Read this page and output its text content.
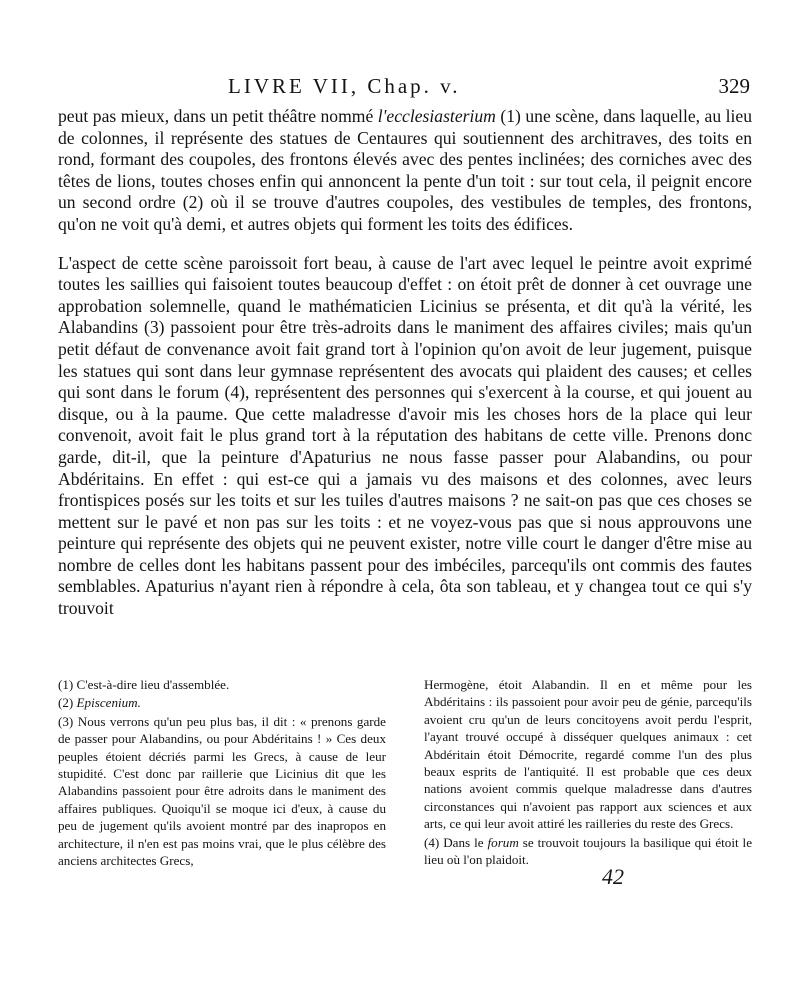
LIVRE VII, Chap. v.	329

peut pas mieux, dans un petit théâtre nommé l'ecclesiasterium (1) une scène, dans laquelle, au lieu de colonnes, il représente des statues de Centaures qui soutiennent des architraves, des toits en rond, formant des coupoles, des frontons élevés avec des pentes inclinées; des corniches avec des têtes de lions, toutes choses enfin qui annoncent la pente d'un toit : sur tout cela, il peignit encore un second ordre (2) où il se trouve d'autres coupoles, des vestibules de temples, des frontons, qu'on ne voit qu'à demi, et autres objets qui forment les toits des édifices.

L'aspect de cette scène paroissoit fort beau, à cause de l'art avec lequel le peintre avoit exprimé toutes les saillies qui faisoient toutes beaucoup d'effet : on étoit prêt de donner à cet ouvrage une approbation solemnelle, quand le mathématicien Licinius se présenta, et dit qu'à la vérité, les Alabandins (3) passoient pour être très-adroits dans le maniment des affaires civiles; mais qu'un petit défaut de convenance avoit fait grand tort à l'opinion qu'on avoit de leur jugement, puisque les statues qui sont dans leur gymnase représentent des avocats qui plaident des causes; et celles qui sont dans le forum (4), représentent des personnes qui s'exercent à la course, et qui jouent au disque, ou à la paume. Que cette maladresse d'avoir mis les choses hors de la place qui leur convenoit, avoit fait le plus grand tort à la réputation des habitans de cette ville. Prenons donc garde, dit-il, que la peinture d'Apaturius ne nous fasse passer pour Alabandins, ou pour Abdéritains. En effet : qui est-ce qui a jamais vu des maisons et des colonnes, avec leurs frontispices posés sur les toits et sur les tuiles d'autres maisons ? ne sait-on pas que ces choses se mettent sur le pavé et non pas sur les toits : et ne voyez-vous pas que si nous approuvons une peinture qui représente des objets qui ne peuvent exister, notre ville court le danger d'être mise au nombre de celles dont les habitans passent pour des imbéciles, parcequ'ils ont commis des fautes semblables. Apaturius n'ayant rien à répondre à cela, ôta son tableau, et y changea tout ce qui s'y trouvoit

(1) C'est-à-dire lieu d'assemblée.

(2) Episcenium.

(3) Nous verrons qu'un peu plus bas, il dit : « prenons garde de passer pour Alabandins, ou pour Abdéritains ! » Ces deux peuples étoient décriés parmi les Grecs, à cause de leur stupidité. C'est donc par raillerie que Licinius dit que les Alabandins passoient pour être adroits dans le maniment des affaires publiques. Quoiqu'il se moque ici d'eux, à cause du peu de jugement qu'ils avoient montré par des inapropos en architecture, il n'en est pas moins vrai, que le plus célèbre des anciens architectes Grecs,

Hermogène, étoit Alabandin. Il en et même pour les Abdéritains : ils passoient pour avoir peu de génie, parcequ'ils avoient cru qu'un de leurs concitoyens avoit perdu l'esprit, l'ayant trouvé occupé à disséquer quelques animaux : cet Abdéritain étoit Démocrite, regardé comme l'un des plus beaux esprits de l'antiquité. Il est probable que ces deux nations avoient commis quelque maladresse dans d'autres circonstances qui n'avoient pas rapport aux sciences et aux arts, ce qui leur avoit attiré les railleries du reste des Grecs.

(4) Dans le forum se trouvoit toujours la basilique qui étoit le lieu où l'on plaidoit.

42
